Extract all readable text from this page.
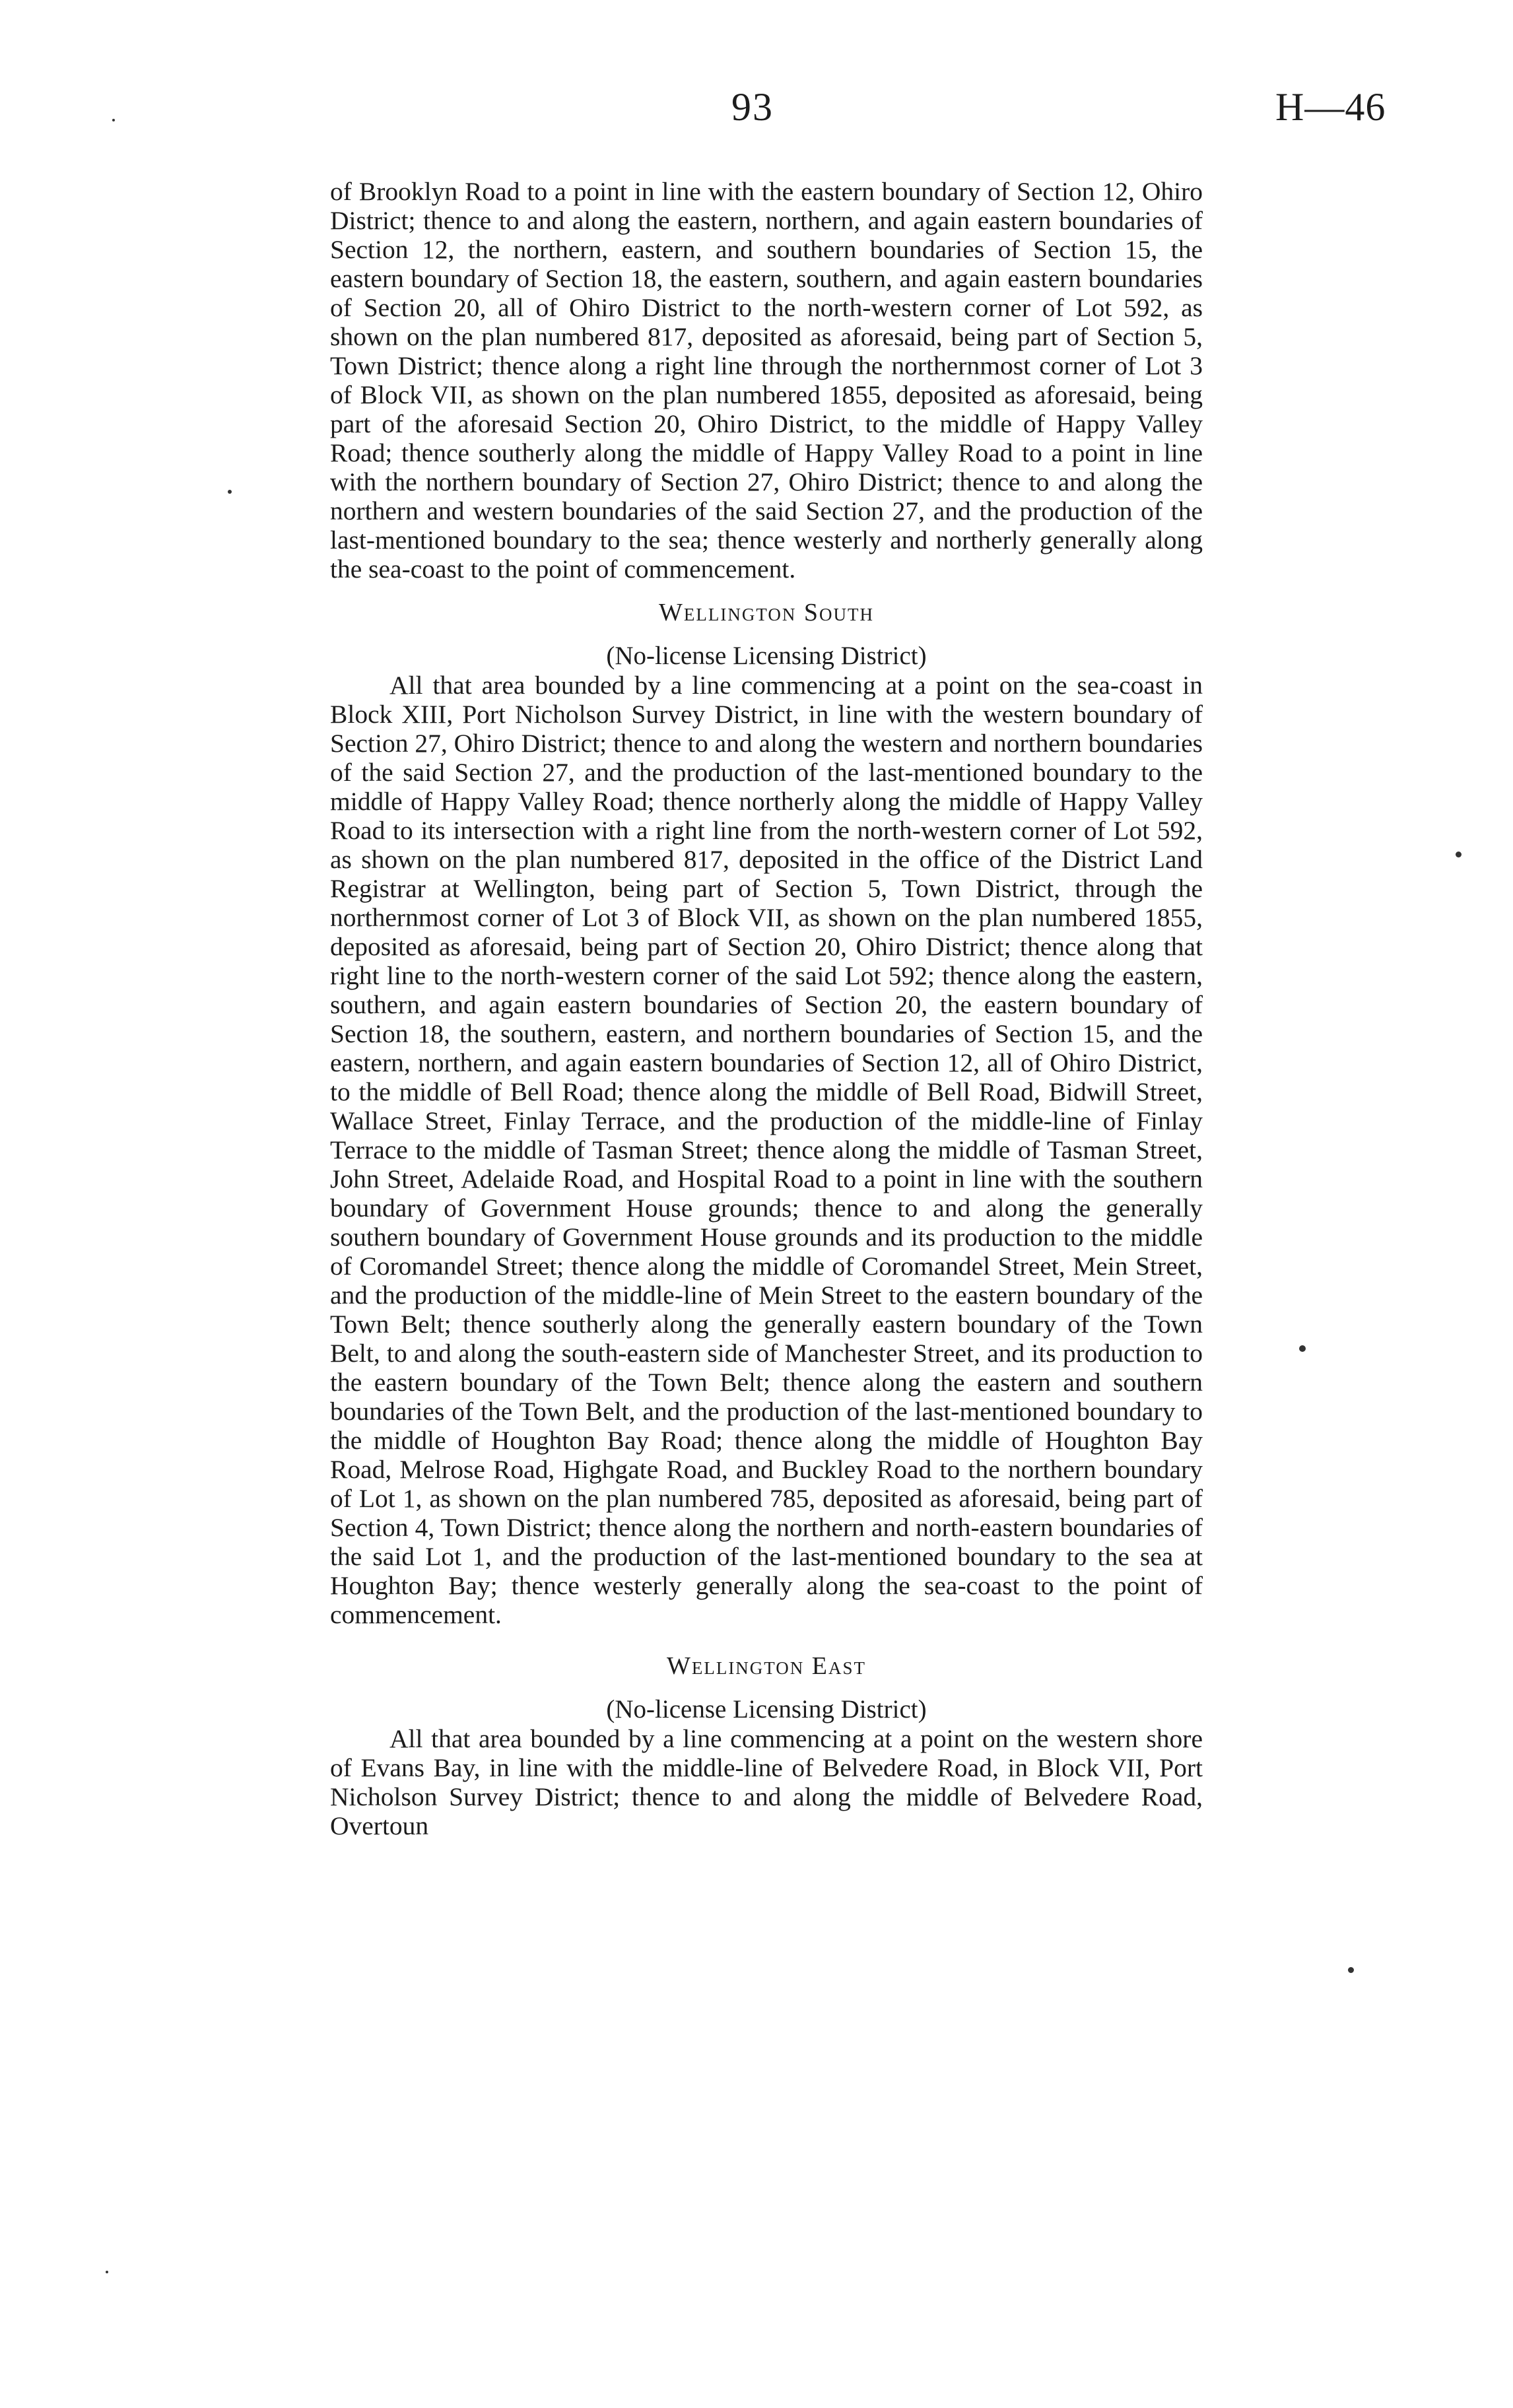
93	H—46

of Brooklyn Road to a point in line with the eastern boundary of Section 12, Ohiro District; thence to and along the eastern, northern, and again eastern boundaries of Section 12, the northern, eastern, and southern boundaries of Section 15, the eastern boundary of Section 18, the eastern, southern, and again eastern boundaries of Section 20, all of Ohiro District to the north-western corner of Lot 592, as shown on the plan numbered 817, deposited as aforesaid, being part of Section 5, Town District; thence along a right line through the northernmost corner of Lot 3 of Block VII, as shown on the plan numbered 1855, deposited as aforesaid, being part of the aforesaid Section 20, Ohiro District, to the middle of Happy Valley Road; thence southerly along the middle of Happy Valley Road to a point in line with the northern boundary of Section 27, Ohiro District; thence to and along the northern and western boundaries of the said Section 27, and the production of the last-mentioned boundary to the sea; thence westerly and northerly generally along the sea-coast to the point of commencement.

Wellington South
(No-license Licensing District)

All that area bounded by a line commencing at a point on the sea-coast in Block XIII, Port Nicholson Survey District, in line with the western boundary of Section 27, Ohiro District; thence to and along the western and northern boundaries of the said Section 27, and the production of the last-mentioned boundary to the middle of Happy Valley Road; thence northerly along the middle of Happy Valley Road to its intersection with a right line from the north-western corner of Lot 592, as shown on the plan numbered 817, deposited in the office of the District Land Registrar at Wellington, being part of Section 5, Town District, through the northernmost corner of Lot 3 of Block VII, as shown on the plan numbered 1855, deposited as aforesaid, being part of Section 20, Ohiro District; thence along that right line to the north-western corner of the said Lot 592; thence along the eastern, southern, and again eastern boundaries of Section 20, the eastern boundary of Section 18, the southern, eastern, and northern boundaries of Section 15, and the eastern, northern, and again eastern boundaries of Section 12, all of Ohiro District, to the middle of Bell Road; thence along the middle of Bell Road, Bidwill Street, Wallace Street, Finlay Terrace, and the production of the middle-line of Finlay Terrace to the middle of Tasman Street; thence along the middle of Tasman Street, John Street, Adelaide Road, and Hospital Road to a point in line with the southern boundary of Government House grounds; thence to and along the generally southern boundary of Government House grounds and its production to the middle of Coromandel Street; thence along the middle of Coromandel Street, Mein Street, and the production of the middle-line of Mein Street to the eastern boundary of the Town Belt; thence southerly along the generally eastern boundary of the Town Belt, to and along the south-eastern side of Manchester Street, and its production to the eastern boundary of the Town Belt; thence along the eastern and southern boundaries of the Town Belt, and the production of the last-mentioned boundary to the middle of Houghton Bay Road; thence along the middle of Houghton Bay Road, Melrose Road, Highgate Road, and Buckley Road to the northern boundary of Lot 1, as shown on the plan numbered 785, deposited as aforesaid, being part of Section 4, Town District; thence along the northern and north-eastern boundaries of the said Lot 1, and the production of the last-mentioned boundary to the sea at Houghton Bay; thence westerly generally along the sea-coast to the point of commencement.

Wellington East
(No-license Licensing District)

All that area bounded by a line commencing at a point on the western shore of Evans Bay, in line with the middle-line of Belvedere Road, in Block VII, Port Nicholson Survey District; thence to and along the middle of Belvedere Road, Overtoun
